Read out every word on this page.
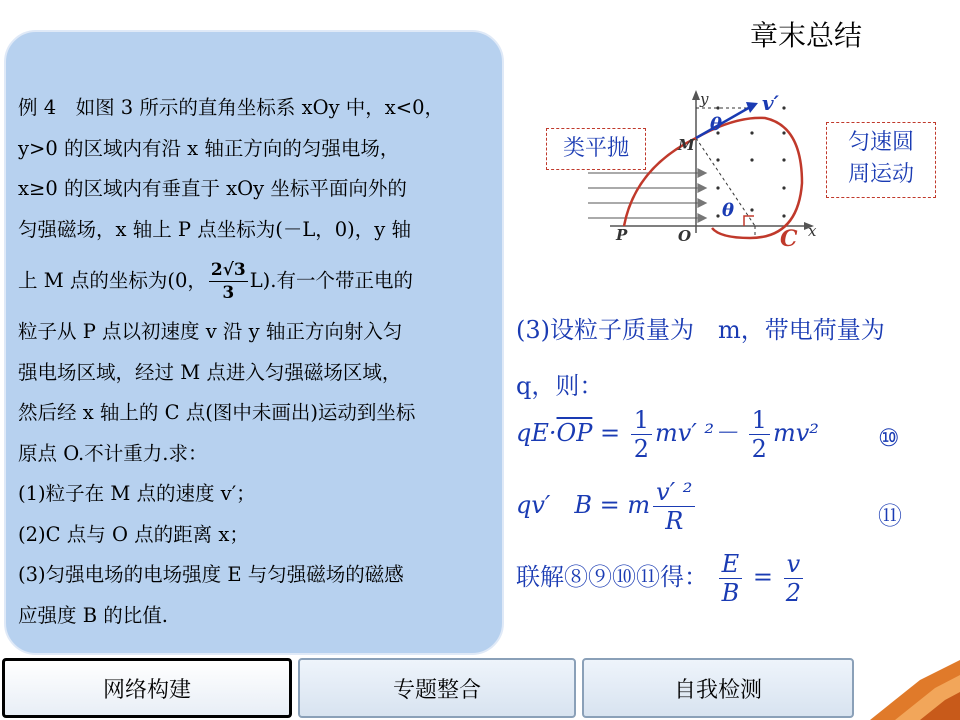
章末总结
例 4　如图 3 所示的直角坐标系 xOy 中，x<0，
y>0 的区域内有沿 x 轴正方向的匀强电场，
x≥0 的区域内有垂直于 xOy 坐标平面向外的
匀强磁场，x 轴上 P 点坐标为(－L，0)，y 轴
上 M 点的坐标为(0， $\frac{2√3}{3} L$).有一个带正电的
粒子从 P 点以初速度 v 沿 y 轴正方向射入匀
强电场区域，经过 M 点进入匀强磁场区域，
然后经 x 轴上的 C 点(图中未画出)运动到坐标
原点 O.不计重力.求：
(1)粒子在 M 点的速度 v′；
(2)C 点与 O 点的距离 x；
(3)匀强电场的电场强度 E 与匀强磁场的磁感
应强度 B 的比值.
v′
θ
θ
y
x
P	O
M
C
类平抛	匀速圆
周运动
(3)设粒子质量为　m，带电荷量为
q，则：
$qE\cdot\overline{OP} = \frac{1}{2} mv'$ $^2- \frac{1}{2} mv^2$ ⑩
qv′　B = m $\frac{\text{v′ ²}}{R}$	⑪
联解⑧⑨⑩⑪得： $\frac{E}{B} = \frac{v}{2}$
网络构建	专题整合	自我检测
